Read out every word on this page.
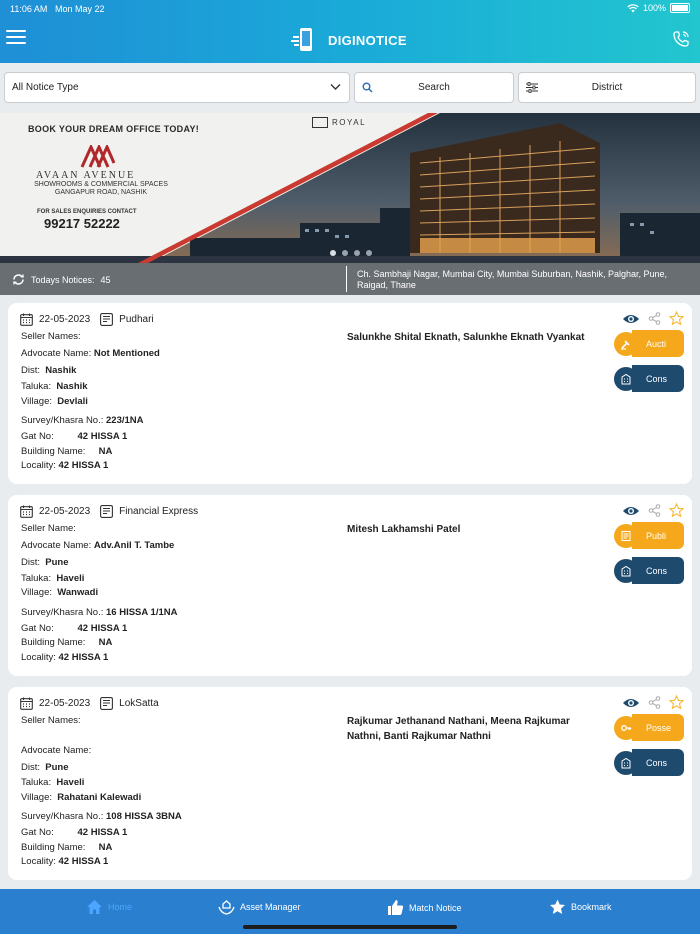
11:06 AM Mon May 22	100%
DIGINOTICE
All Notice Type	Search	District
BOOK YOUR DREAM OFFICE TODAY!
AVAAN AVENUE
SHOWROOMS & COMMERCIAL SPACES
GANGAPUR ROAD, NASHIK
FOR SALES ENQUIRIES CONTACT
99217 52222
ROYAL
Todays Notices: 45
Ch. Sambhaji Nagar, Mumbai City, Mumbai Suburban, Nashik, Palghar, Pune, Raigad, Thane
22-05-2023	Pudhari
Seller Names:	Salunkhe Shital Eknath, Salunkhe Eknath Vyankat
Advocate Name: Not Mentioned
Dist: Nashik
Taluka: Nashik
Village: Devlali
Survey/Khasra No.: 223/1NA
Gat No:	42 HISSA 1
Building Name: NA
Locality: 42 HISSA 1
Aucti
Cons
22-05-2023	Financial Express
Seller Name:	Mitesh Lakhamshi Patel
Advocate Name: Adv.Anil T. Tambe
Dist: Pune
Taluka: Haveli
Village: Wanwadi
Survey/Khasra No.: 16 HISSA 1/1NA
Gat No:	42 HISSA 1
Building Name: NA
Locality: 42 HISSA 1
Publi
Cons
22-05-2023	LokSatta
Seller Names:	Rajkumar Jethanand Nathani, Meena Rajkumar Nathni, Banti Rajkumar Nathni
Advocate Name:
Dist: Pune
Taluka: Haveli
Village: Rahatani Kalewadi
Survey/Khasra No.: 108 HISSA 3BNA
Gat No:	42 HISSA 1
Building Name: NA
Locality: 42 HISSA 1
Posse
Cons
Home	Asset Manager	Match Notice	Bookmark
